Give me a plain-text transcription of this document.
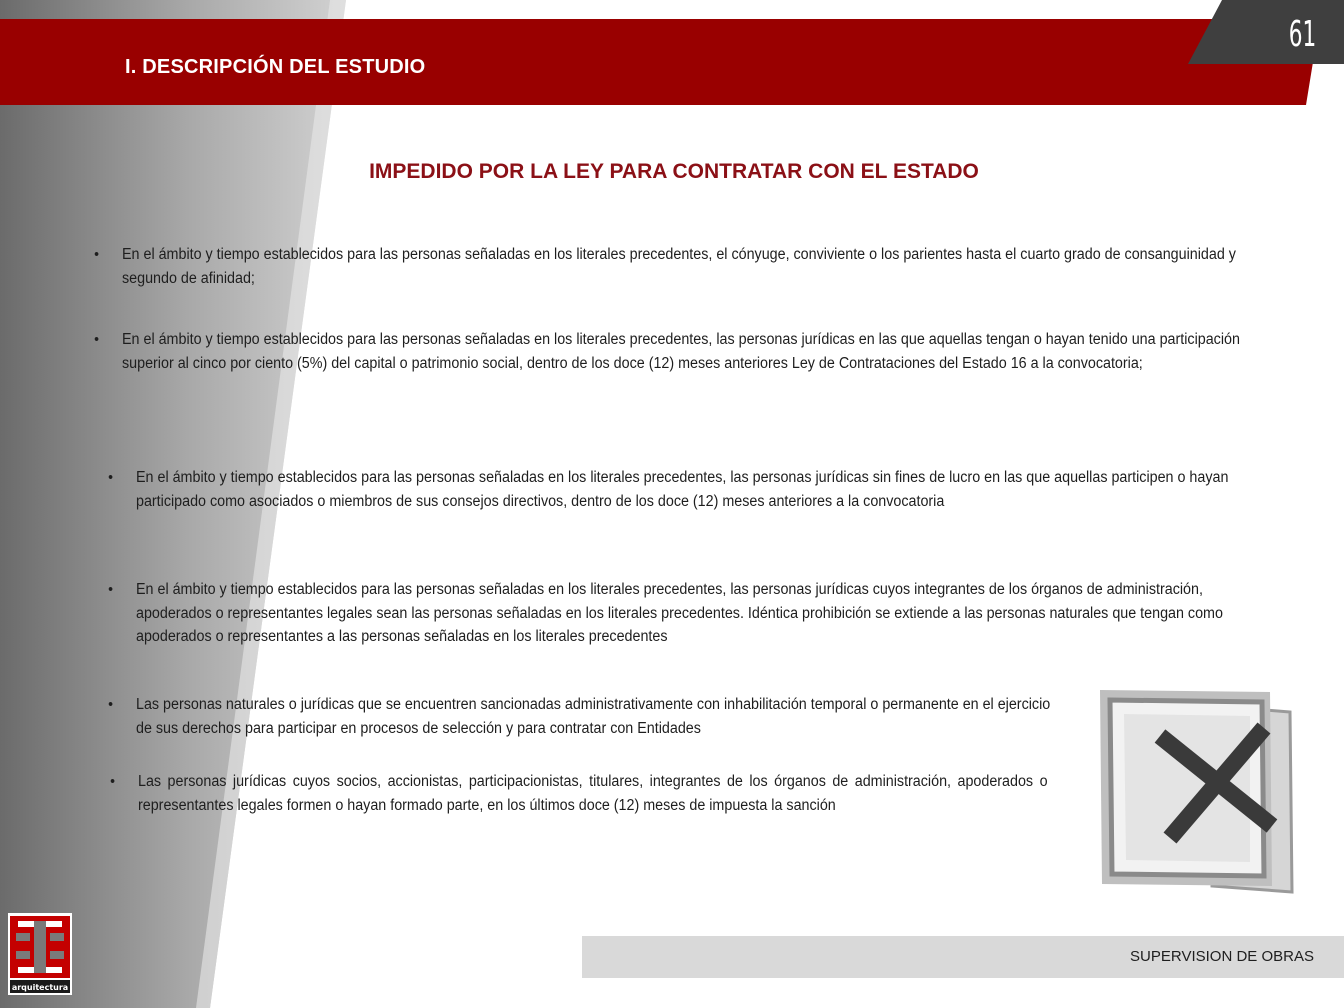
I. DESCRIPCIÓN DEL ESTUDIO
61
IMPEDIDO POR LA LEY PARA CONTRATAR CON EL ESTADO
• En el ámbito y tiempo establecidos para las personas señaladas en los literales precedentes, el cónyuge, conviviente o los parientes hasta el cuarto grado de consanguinidad y segundo de afinidad;
• En el ámbito y tiempo establecidos para las personas señaladas en los literales precedentes, las personas jurídicas en las que aquellas tengan o hayan tenido una participación superior al cinco por ciento (5%) del capital o patrimonio social, dentro de los doce (12) meses anteriores Ley de Contrataciones del Estado 16 a la convocatoria;
• En el ámbito y tiempo establecidos para las personas señaladas en los literales precedentes, las personas jurídicas sin fines de lucro en las que aquellas participen o hayan participado como asociados o miembros de sus consejos directivos, dentro de los doce (12) meses anteriores a la convocatoria
• En el ámbito y tiempo establecidos para las personas señaladas en los literales precedentes, las personas jurídicas cuyos integrantes de los órganos de administración, apoderados o representantes legales sean las personas señaladas en los literales precedentes. Idéntica prohibición se extiende a las personas naturales que tengan como apoderados o representantes a las personas señaladas en los literales precedentes
• Las personas naturales o jurídicas que se encuentren sancionadas administrativamente con inhabilitación temporal o permanente en el ejercicio de sus derechos para participar en procesos de selección y para contratar con Entidades
• Las personas jurídicas cuyos socios, accionistas, participacionistas, titulares, integrantes de los órganos de administración, apoderados o representantes legales formen o hayan formado parte, en los últimos doce (12) meses de impuesta la sanción
SUPERVISION DE OBRAS
arquitectura
